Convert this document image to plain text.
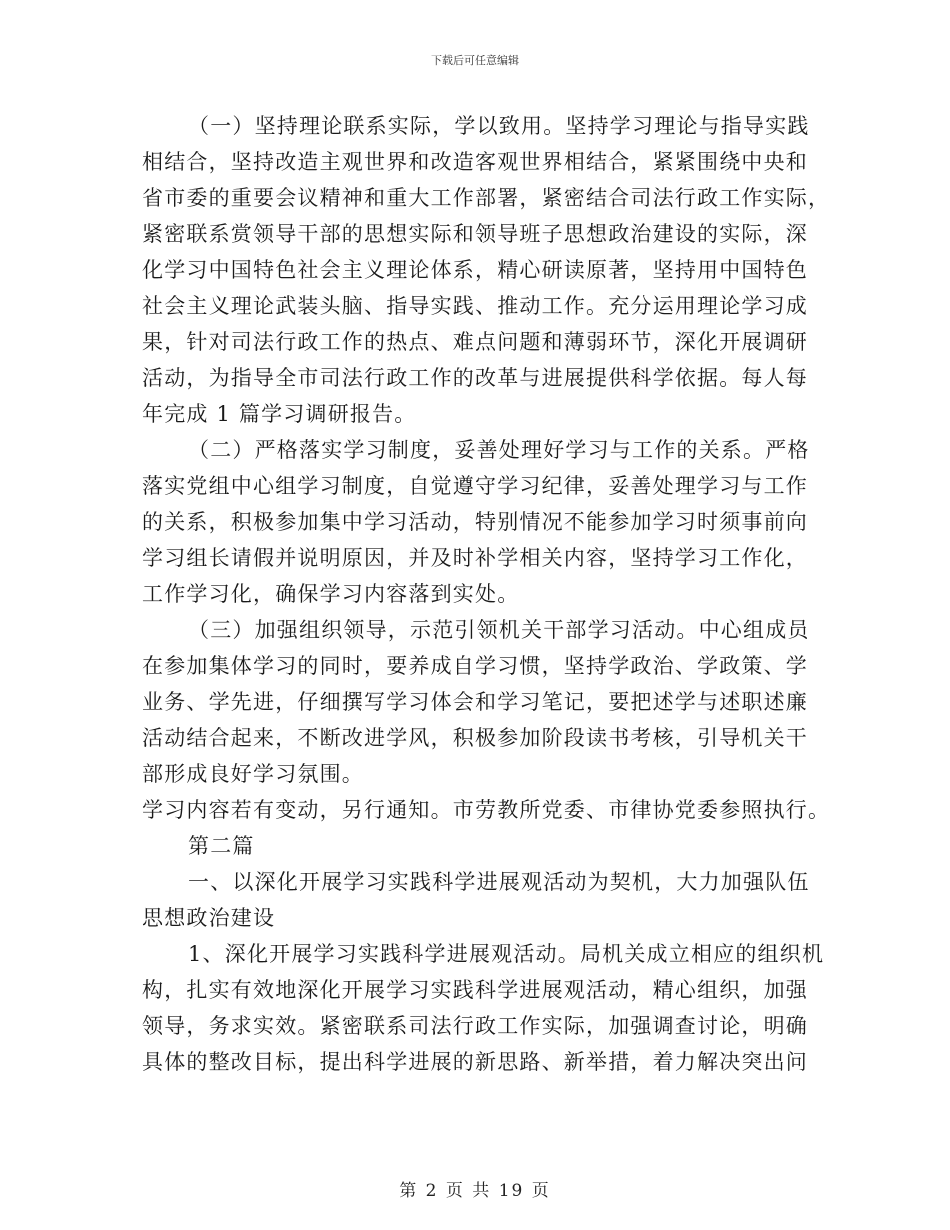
下载后可任意编辑
（一）坚持理论联系实际，学以致用。坚持学习理论与指导实践
相结合，坚持改造主观世界和改造客观世界相结合，紧紧围绕中央和
省市委的重要会议精神和重大工作部署，紧密结合司法行政工作实际，
紧密联系赏领导干部的思想实际和领导班子思想政治建设的实际，深
化学习中国特色社会主义理论体系，精心研读原著，坚持用中国特色
社会主义理论武装头脑、指导实践、推动工作。充分运用理论学习成
果，针对司法行政工作的热点、难点问题和薄弱环节，深化开展调研
活动，为指导全市司法行政工作的改革与进展提供科学依据。每人每
年完成 1 篇学习调研报告。
（二）严格落实学习制度，妥善处理好学习与工作的关系。严格
落实党组中心组学习制度，自觉遵守学习纪律，妥善处理学习与工作
的关系，积极参加集中学习活动，特别情况不能参加学习时须事前向
学习组长请假并说明原因，并及时补学相关内容，坚持学习工作化，
工作学习化，确保学习内容落到实处。
（三）加强组织领导，示范引领机关干部学习活动。中心组成员
在参加集体学习的同时，要养成自学习惯，坚持学政治、学政策、学
业务、学先进，仔细撰写学习体会和学习笔记，要把述学与述职述廉
活动结合起来，不断改进学风，积极参加阶段读书考核，引导机关干
部形成良好学习氛围。
学习内容若有变动，另行通知。市劳教所党委、市律协党委参照执行。
第二篇
一、以深化开展学习实践科学进展观活动为契机，大力加强队伍
思想政治建设
1、深化开展学习实践科学进展观活动。局机关成立相应的组织机
构，扎实有效地深化开展学习实践科学进展观活动，精心组织，加强
领导，务求实效。紧密联系司法行政工作实际，加强调查讨论，明确
具体的整改目标，提出科学进展的新思路、新举措，着力解决突出问
第 2 页 共 19 页
